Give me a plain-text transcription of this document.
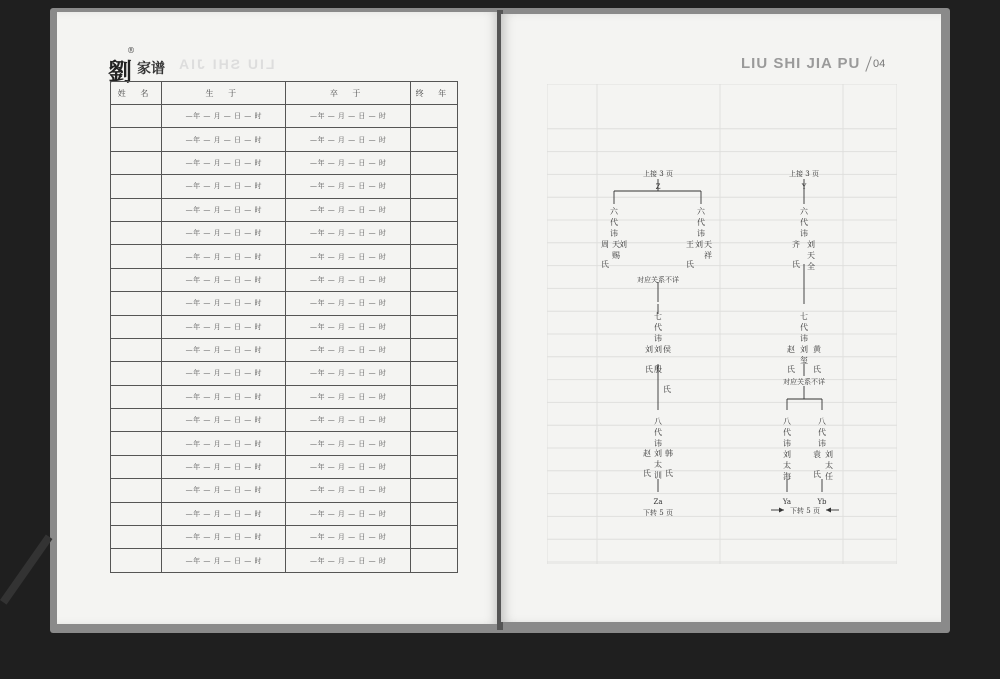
劉
®
家谱 LIU SHI JIA
姓 名	生 于	卒 于	终 年
	—年 — 月 — 日 — 时	—年 — 月 — 日 — 时	
	—年 — 月 — 日 — 时	—年 — 月 — 日 — 时	
	—年 — 月 — 日 — 时	—年 — 月 — 日 — 时	
	—年 — 月 — 日 — 时	—年 — 月 — 日 — 时	
	—年 — 月 — 日 — 时	—年 — 月 — 日 — 时	
	—年 — 月 — 日 — 时	—年 — 月 — 日 — 时	
	—年 — 月 — 日 — 时	—年 — 月 — 日 — 时	
	—年 — 月 — 日 — 时	—年 — 月 — 日 — 时	
	—年 — 月 — 日 — 时	—年 — 月 — 日 — 时	
	—年 — 月 — 日 — 时	—年 — 月 — 日 — 时	
	—年 — 月 — 日 — 时	—年 — 月 — 日 — 时	
	—年 — 月 — 日 — 时	—年 — 月 — 日 — 时	
	—年 — 月 — 日 — 时	—年 — 月 — 日 — 时	
	—年 — 月 — 日 — 时	—年 — 月 — 日 — 时	
	—年 — 月 — 日 — 时	—年 — 月 — 日 — 时	
	—年 — 月 — 日 — 时	—年 — 月 — 日 — 时	
	—年 — 月 — 日 — 时	—年 — 月 — 日 — 时	
	—年 — 月 — 日 — 时	—年 — 月 — 日 — 时	
	—年 — 月 — 日 — 时	—年 — 月 — 日 — 时	
	—年 — 月 — 日 — 时	—年 — 月 — 日 — 时	
LIU SHI JIA PU 04
上接 3 页
Z
六
代
讳
天
赐
刘
周
氏
六
代
讳
刘 天
祥
王
氏
对应关系不详
七
代
讳
刘 刘 侯
氏
氏 殷
八
代
讳
刘
太
训
赵
氏
韩
氏
Za
下转 5 页
上接 3 页
Y
六
代
讳
刘
天
全
齐
氏
七
代
讳
刘
玺
赵
氏
黄
氏
对应关系不详
八
代
讳
刘
太
海
八
代
讳
刘
太
任
袁
氏
Ya	Yb
下转 5 页
